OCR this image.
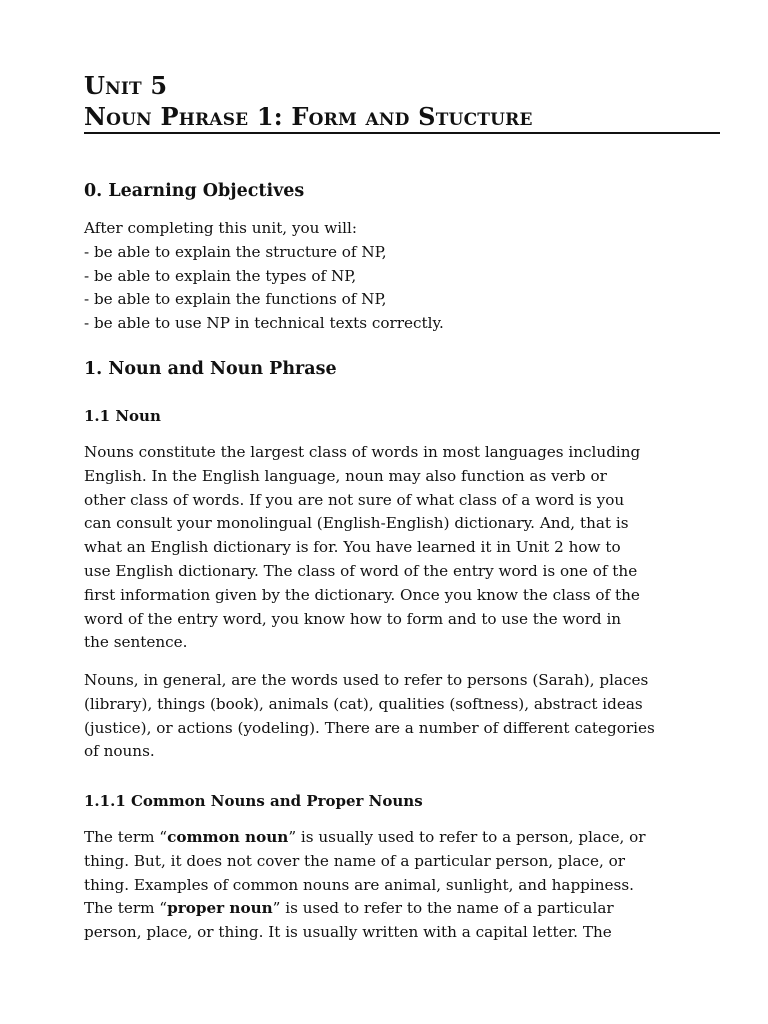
Unit 5
Noun Phrase 1: Form and Stucture
0. Learning Objectives
After completing this unit, you will:
- be able to explain the structure of NP,
- be able to explain the types of NP,
- be able to explain the functions of NP,
- be able to use NP in technical texts correctly.
1. Noun and Noun Phrase
1.1 Noun
Nouns constitute the largest class of words in most languages including
English. In the English language, noun may also function as verb or
other class of words. If you are not sure of what class of a word is you
can consult your monolingual (English-English) dictionary. And, that is
what an English dictionary is for. You have learned it in Unit 2 how to
use English dictionary. The class of word of the entry word is one of the
first information given by the dictionary. Once you know the class of the
word of the entry word, you know how to form and to use the word in
the sentence.
Nouns, in general, are the words used to refer to persons (Sarah), places
(library), things (book), animals (cat), qualities (softness), abstract ideas
(justice), or actions (yodeling). There are a number of different categories
of nouns.
1.1.1 Common Nouns and Proper Nouns
The term “common noun” is usually used to refer to a person, place, or
thing. But, it does not cover the name of a particular person, place, or
thing. Examples of common nouns are animal, sunlight, and happiness.
The term “proper noun” is used to refer to the name of a particular
person, place, or thing. It is usually written with a capital letter. The
